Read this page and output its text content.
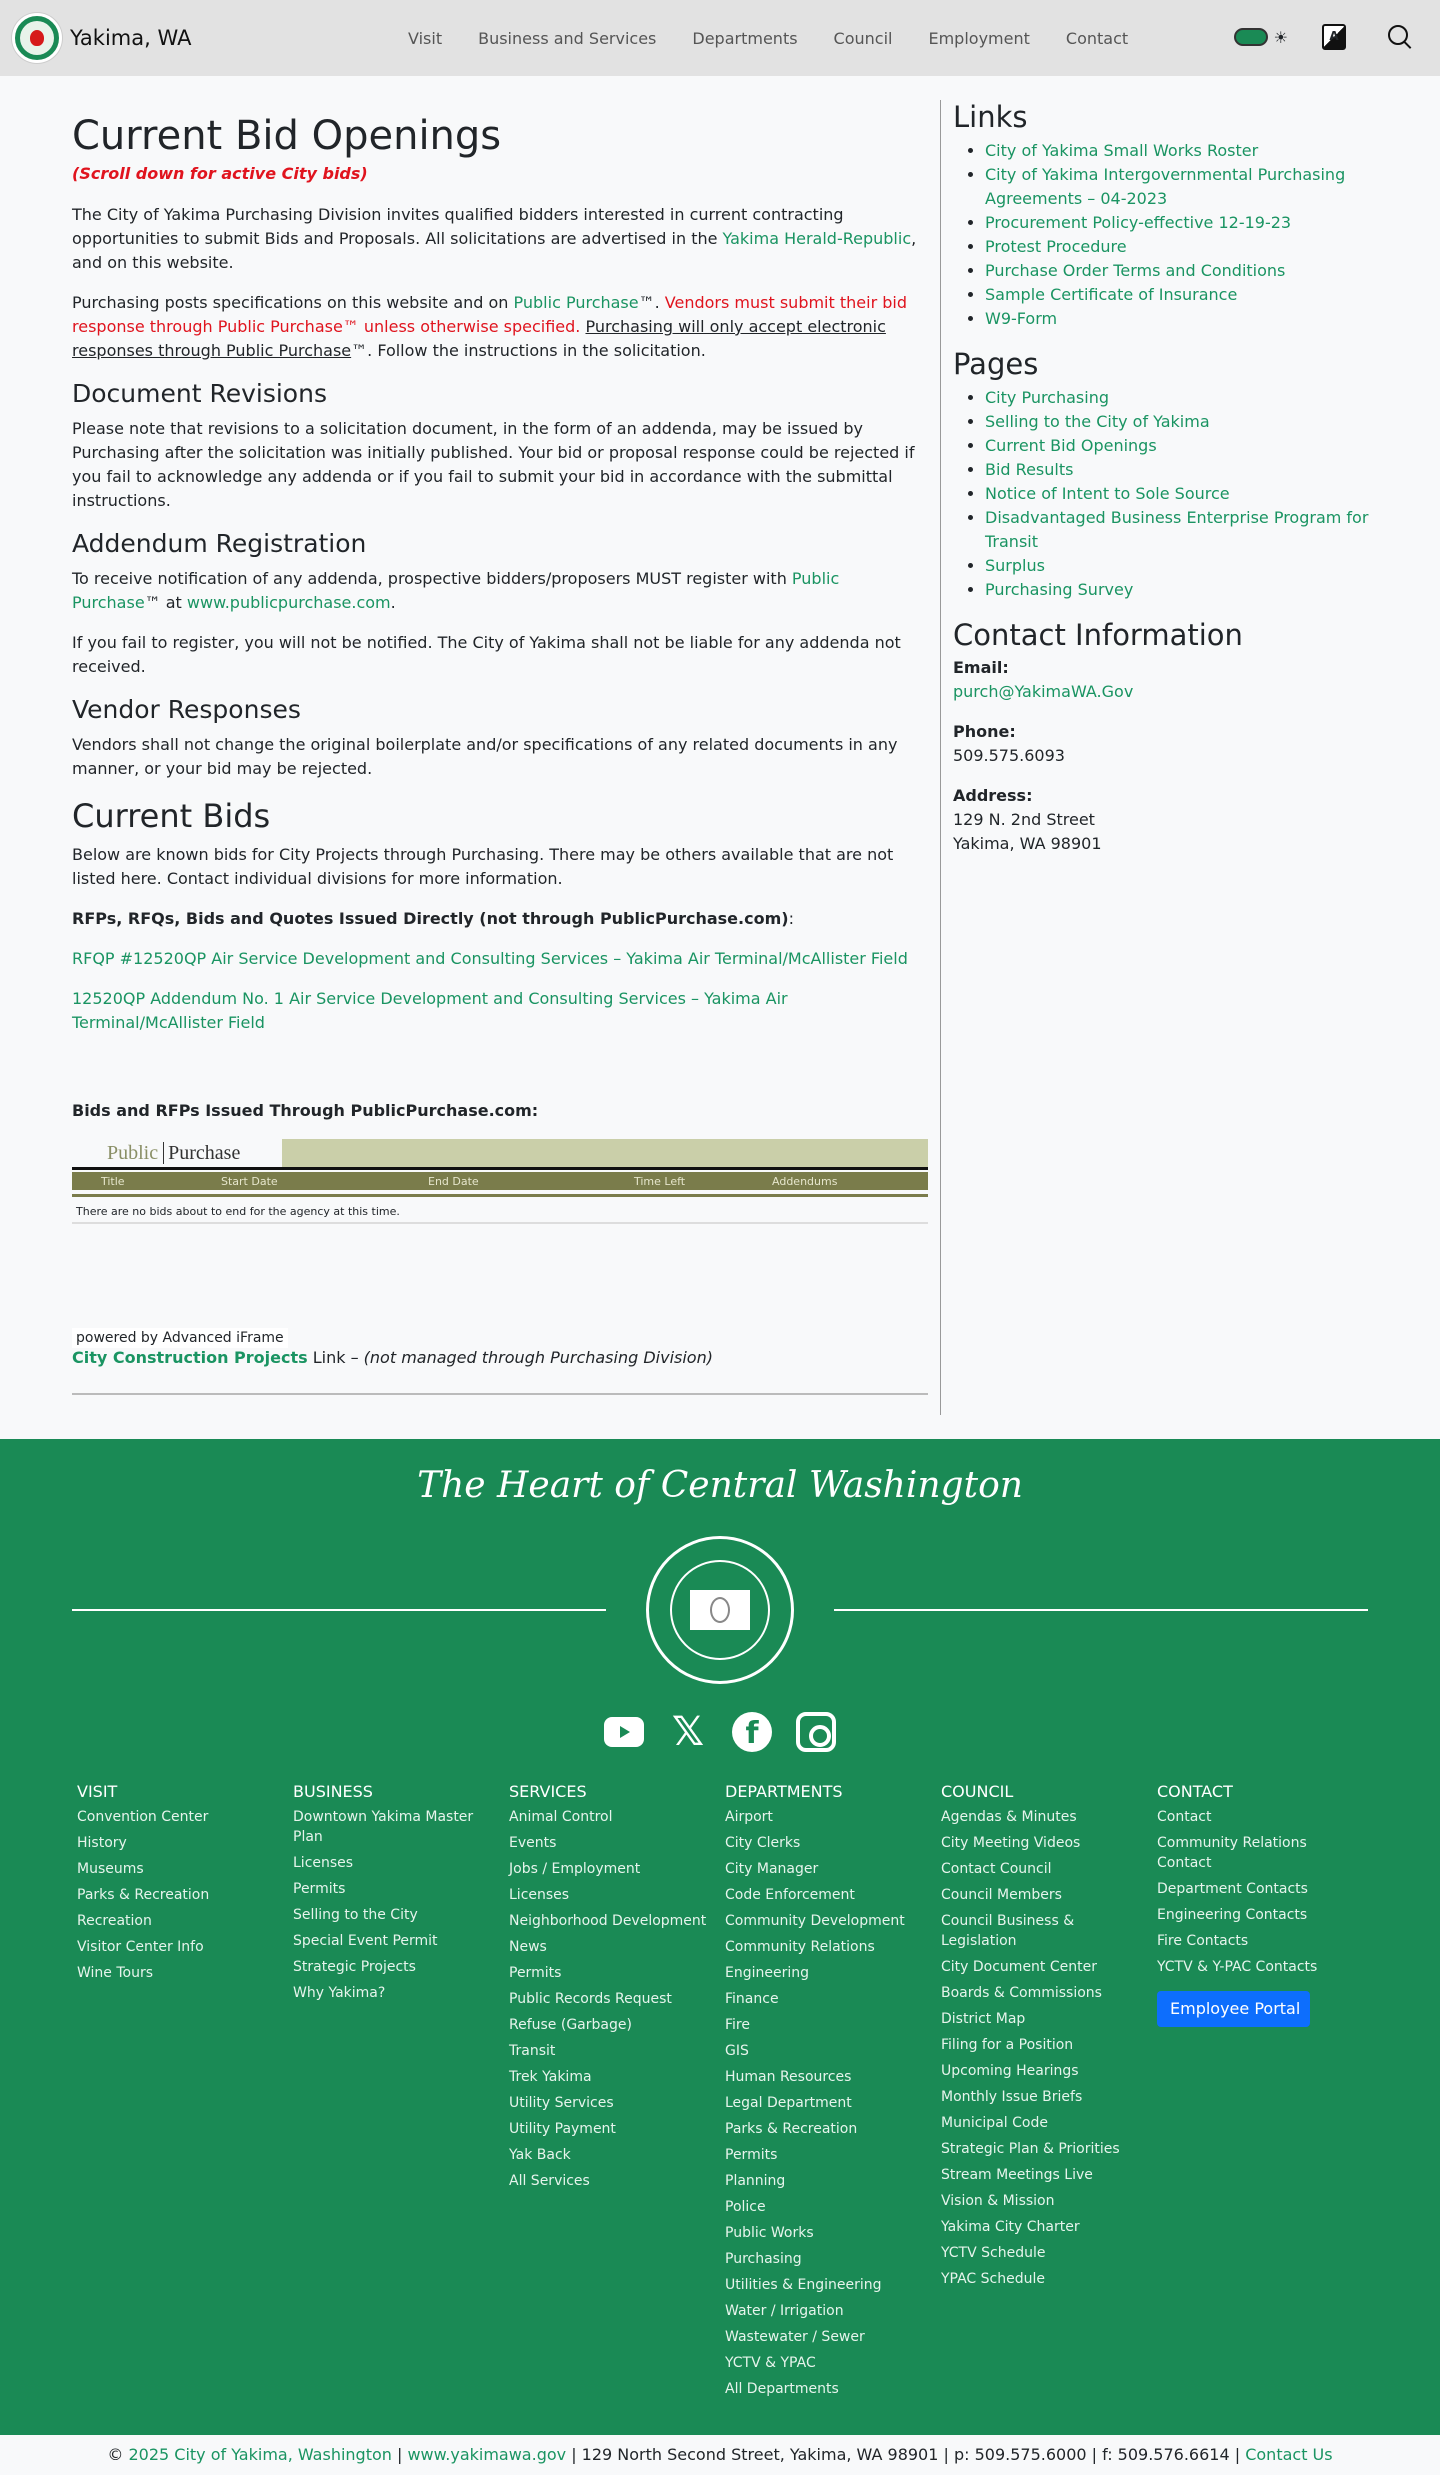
Yakima, WA	Visit Business and Services Departments Council Employment Contact	☀	A
Current Bid Openings
(Scroll down for active City bids)

The City of Yakima Purchasing Division invites qualified bidders interested in current contracting opportunities to submit Bids and Proposals. All solicitations are advertised in the Yakima Herald-Republic, and on this website.

Purchasing posts specifications on this website and on Public Purchase™. Vendors must submit their bid response through Public Purchase™ unless otherwise specified. Purchasing will only accept electronic responses through Public Purchase™. Follow the instructions in the solicitation.

Document Revisions

Please note that revisions to a solicitation document, in the form of an addenda, may be issued by Purchasing after the solicitation was initially published. Your bid or proposal response could be rejected if you fail to acknowledge any addenda or if you fail to submit your bid in accordance with the submittal instructions.

Addendum Registration

To receive notification of any addenda, prospective bidders/proposers MUST register with Public Purchase™ at www.publicpurchase.com.

If you fail to register, you will not be notified. The City of Yakima shall not be liable for any addenda not received.

Vendor Responses

Vendors shall not change the original boilerplate and/or specifications of any related documents in any manner, or your bid may be rejected.

Current Bids

Below are known bids for City Projects through Purchasing. There may be others available that are not listed here. Contact individual divisions for more information.

RFPs, RFQs, Bids and Quotes Issued Directly (not through PublicPurchase.com):

RFQP #12520QP Air Service Development and Consulting Services – Yakima Air Terminal/McAllister Field

12520QP Addendum No. 1 Air Service Development and Consulting Services – Yakima Air Terminal/McAllister Field

Bids and RFPs Issued Through PublicPurchase.com:

Public Purchase
Title	Start Date	End Date	Time Left	Addendums
There are no bids about to end for the agency at this time.
powered by Advanced iFrame
City Construction Projects Link – (not managed through Purchasing Division)
Links
• City of Yakima Small Works Roster
• City of Yakima Intergovernmental Purchasing Agreements – 04-2023
• Procurement Policy-effective 12-19-23
• Protest Procedure
• Purchase Order Terms and Conditions
• Sample Certificate of Insurance
• W9-Form
Pages
• City Purchasing
• Selling to the City of Yakima
• Current Bid Openings
• Bid Results
• Notice of Intent to Sole Source
• Disadvantaged Business Enterprise Program for Transit
• Surplus
• Purchasing Survey
Contact Information
Email:
purch@YakimaWA.Gov
Phone:
509.575.6093
Address:
129 N. 2nd Street
Yakima, WA 98901
The Heart of Central Washington
𝕏	f
VISIT
Convention Center
History
Museums
Parks & Recreation
Recreation
Visitor Center Info
Wine Tours
BUSINESS
Downtown Yakima Master Plan
Licenses
Permits
Selling to the City
Special Event Permit
Strategic Projects
Why Yakima?
SERVICES
Animal Control
Events
Jobs / Employment
Licenses
Neighborhood Development
News
Permits
Public Records Request
Refuse (Garbage)
Transit
Trek Yakima
Utility Services
Utility Payment
Yak Back
All Services
DEPARTMENTS
Airport
City Clerks
City Manager
Code Enforcement
Community Development
Community Relations
Engineering
Finance
Fire
GIS
Human Resources
Legal Department
Parks & Recreation
Permits
Planning
Police
Public Works
Purchasing
Utilities & Engineering
Water / Irrigation
Wastewater / Sewer
YCTV & YPAC
All Departments
COUNCIL
Agendas & Minutes
City Meeting Videos
Contact Council
Council Members
Council Business & Legislation
City Document Center
Boards & Commissions
District Map
Filing for a Position
Upcoming Hearings
Monthly Issue Briefs
Municipal Code
Strategic Plan & Priorities
Stream Meetings Live
Vision & Mission
Yakima City Charter
YCTV Schedule
YPAC Schedule
CONTACT
Contact
Community Relations Contact
Department Contacts
Engineering Contacts
Fire Contacts
YCTV & Y-PAC Contacts
Employee Portal
© 2025 City of Yakima, Washington | www.yakimawa.gov | 129 North Second Street, Yakima, WA 98901 | p: 509.575.6000 | f: 509.576.6614 | Contact Us
